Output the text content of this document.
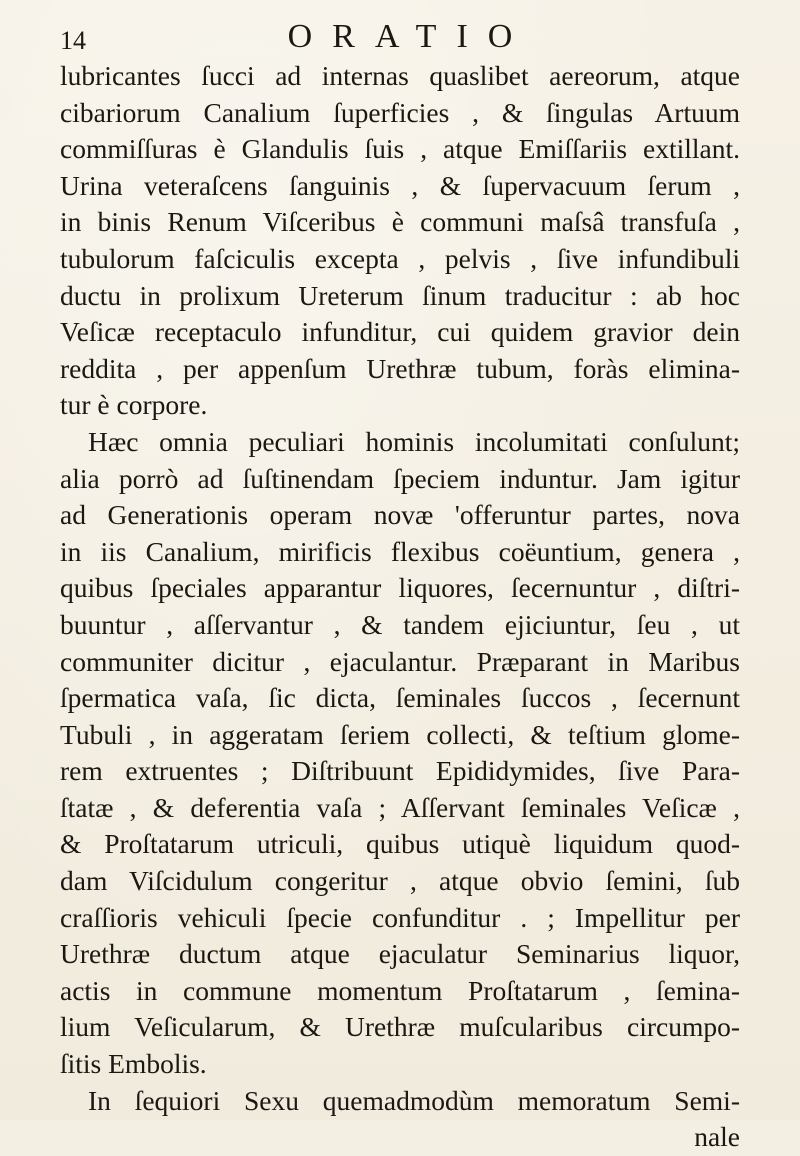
14	ORATIO
lubricantes ſucci ad internas quaslibet aereorum, atque
cibariorum Canalium ſuperficies , & ſingulas Artuum
commiſſuras è Glandulis ſuis , atque Emiſſariis extillant.
Urina veteraſcens ſanguinis , & ſupervacuum ſerum ,
in binis Renum Viſceribus è communi maſsâ transfuſa ,
tubulorum faſciculis excepta , pelvis , ſive infundibuli
ductu in prolixum Ureterum ſinum traducitur : ab hoc
Veſicæ receptaculo infunditur, cui quidem gravior dein
reddita , per appenſum Urethræ tubum, foràs elimina-
tur è corpore.
Hæc omnia peculiari hominis incolumitati conſulunt;
alia porrò ad ſuſtinendam ſpeciem induntur. Jam igitur
ad Generationis operam novæ 'offeruntur partes, nova
in iis Canalium, mirificis flexibus coëuntium, genera ,
quibus ſpeciales apparantur liquores, ſecernuntur , diſtri-
buuntur , aſſervantur , & tandem ejiciuntur, ſeu , ut
communiter dicitur , ejaculantur. Præparant in Maribus
ſpermatica vaſa, ſic dicta, ſeminales ſuccos , ſecernunt
Tubuli , in aggeratam ſeriem collecti, & teſtium glome-
rem extruentes ; Diſtribuunt Epididymides, ſive Para-
ſtatæ , & deferentia vaſa ; Aſſervant ſeminales Veſicæ ,
& Proſtatarum utriculi, quibus utiquè liquidum quod-
dam Viſcidulum congeritur , atque obvio ſemini, ſub
craſſioris vehiculi ſpecie confunditur . ; Impellitur per
Urethræ ductum atque ejaculatur Seminarius liquor,
actis in commune momentum Proſtatarum , ſemina-
lium Veſicularum, & Urethræ muſcularibus circumpo-
ſitis Embolis.
In ſequiori Sexu quemadmodùm memoratum Semi-
nale
